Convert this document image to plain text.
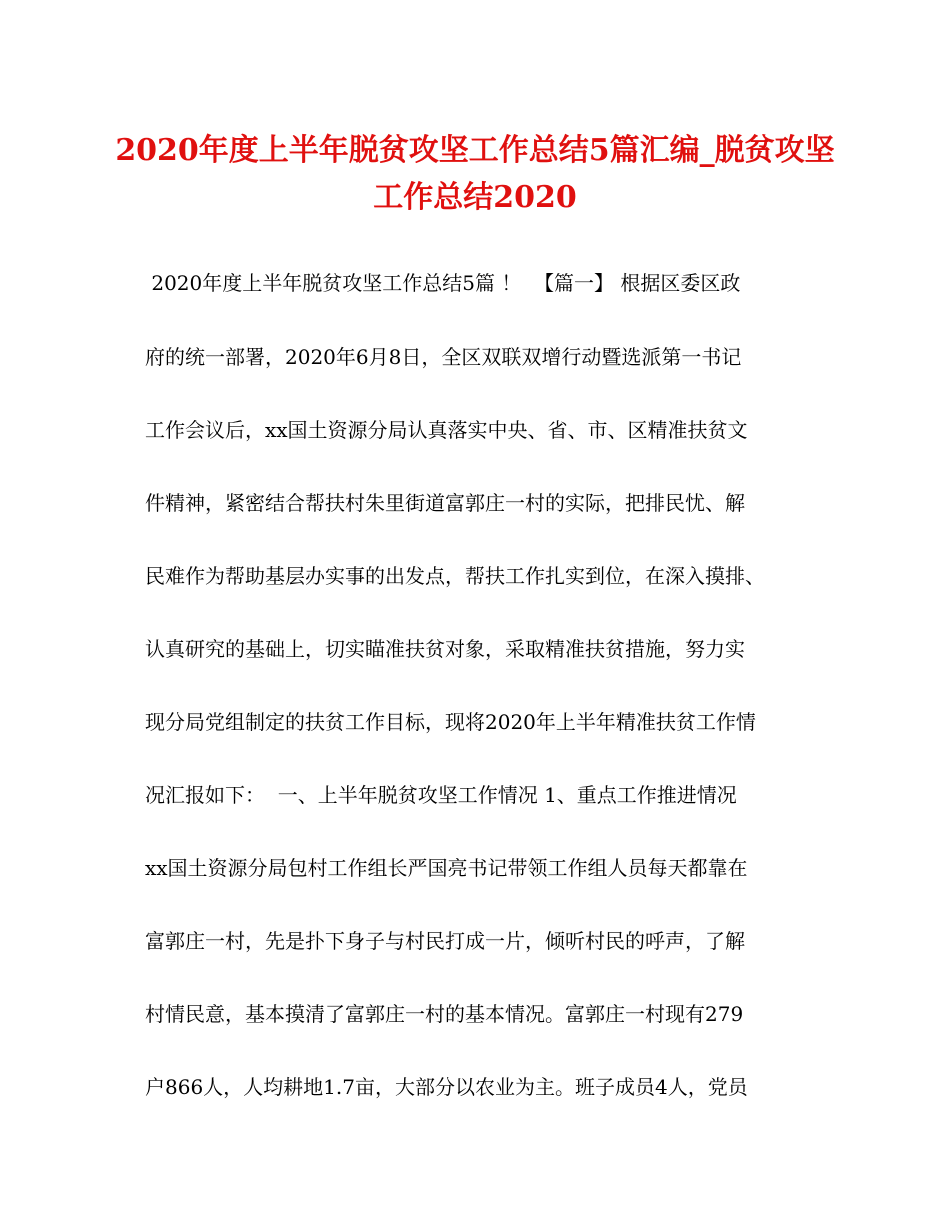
2020年度上半年脱贫攻坚工作总结5篇汇编_脱贫攻坚
工作总结2020
2020年度上半年脱贫攻坚工作总结5篇 ！  【篇一】 根据区委区政
府的统一部署，2020年6月8日，全区双联双增行动暨选派第一书记
工作会议后，xx国土资源分局认真落实中央、省、市、区精准扶贫文
件精神，紧密结合帮扶村朱里街道富郭庄一村的实际，把排民忧、解
民难作为帮助基层办实事的出发点，帮扶工作扎实到位，在深入摸排、
认真研究的基础上，切实瞄准扶贫对象，采取精准扶贫措施，努力实
现分局党组制定的扶贫工作目标，现将2020年上半年精准扶贫工作情
况汇报如下：  一、上半年脱贫攻坚工作情况 1、重点工作推进情况
xx国土资源分局包村工作组长严国亮书记带领工作组人员每天都靠在
富郭庄一村，先是扑下身子与村民打成一片，倾听村民的呼声，了解
村情民意，基本摸清了富郭庄一村的基本情况。富郭庄一村现有279
户866人，人均耕地1.7亩，大部分以农业为主。班子成员4人，党员
